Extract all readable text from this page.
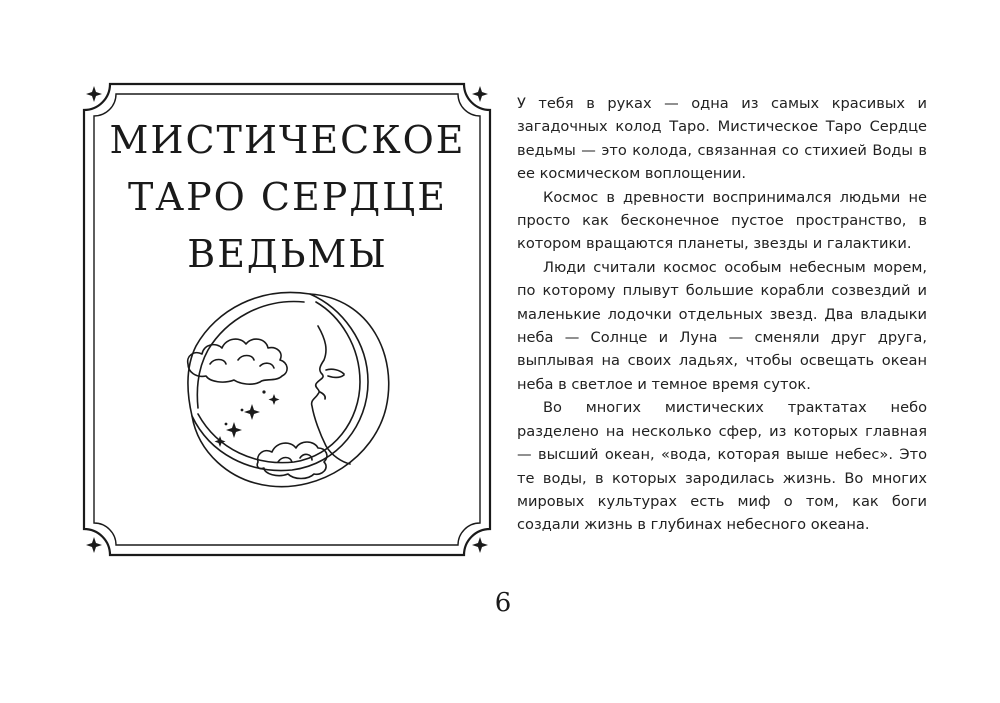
МИСТИЧЕСКОЕ
ТАРО СЕРДЦЕ
ВЕДЬМЫ

У тебя в руках — одна из самых красивых и загадочных колод Таро. Мистическое Таро Сердце ведьмы — это колода, связанная со стихией Воды в ее космическом воплощении.

Космос в древности воспринимался людьми не просто как бесконечное пустое пространство, в котором вращаются планеты, звезды и галактики.

Люди считали космос особым небесным морем, по которому плывут большие корабли созвездий и маленькие лодочки отдельных звезд. Два владыки неба — Солнце и Луна — сменяли друг друга, выплывая на своих ладьях, чтобы освещать океан неба в светлое и темное время суток.

Во многих мистических трактатах небо разделено на несколько сфер, из которых главная — высший океан, «вода, которая выше небес». Это те воды, в которых зародилась жизнь. Во многих мировых культурах есть миф о том, как боги создали жизнь в глубинах небесного океана.

6
